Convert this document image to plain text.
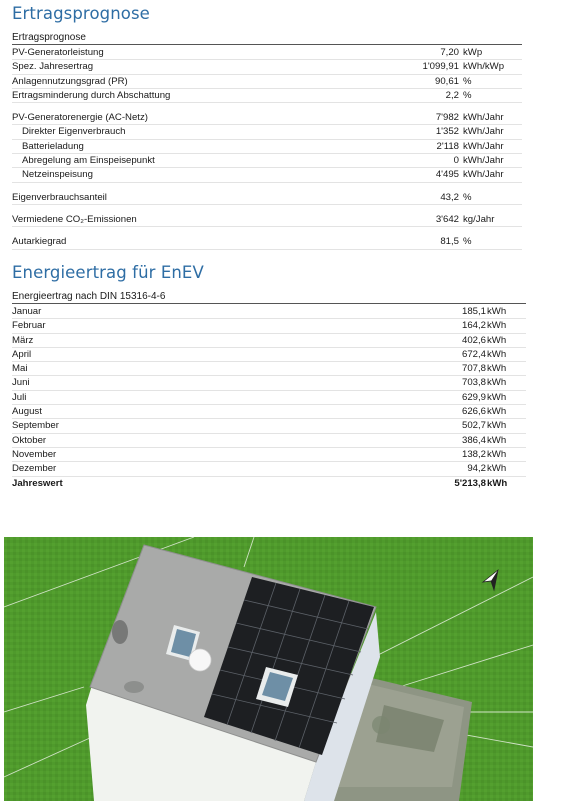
Ertragsprognose
Ertragsprognose
PV-Generatorleistung	7,20 kWp
Spez. Jahresertrag	1'099,91 kWh/kWp
Anlagennutzungsgrad (PR)	90,61 %
Ertragsminderung durch Abschattung	2,2 %
PV-Generatorenergie (AC-Netz)	7'982 kWh/Jahr
Direkter Eigenverbrauch	1'352 kWh/Jahr
Batterieladung	2'118 kWh/Jahr
Abregelung am Einspeisepunkt	0 kWh/Jahr
Netzeinspeisung	4'495 kWh/Jahr
Eigenverbrauchsanteil	43,2 %
Vermiedene CO₂-Emissionen	3'642 kg/Jahr
Autarkiegrad	81,5 %
Energieertrag für EnEV
Energieertrag nach DIN 15316-4-6
Januar	185,1 kWh
Februar	164,2 kWh
März	402,6 kWh
April	672,4 kWh
Mai	707,8 kWh
Juni	703,8 kWh
Juli	629,9 kWh
August	626,6 kWh
September	502,7 kWh
Oktober	386,4 kWh
November	138,2 kWh
Dezember	94,2 kWh
Jahreswert	5'213,8 kWh
